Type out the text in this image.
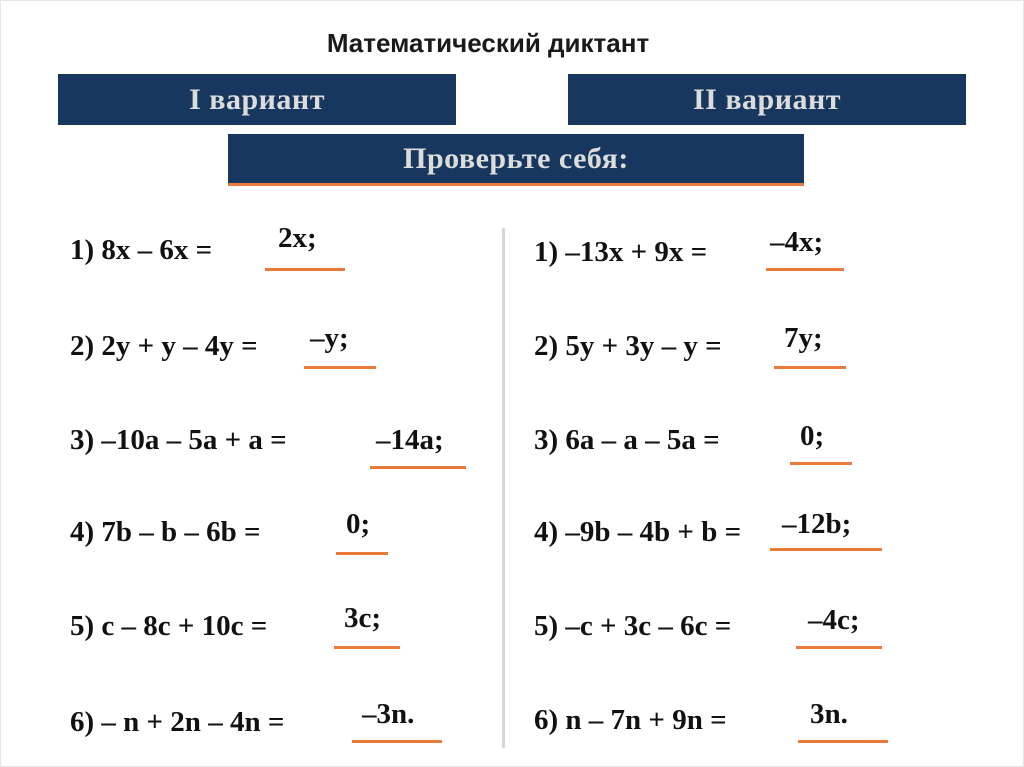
Математический диктант
I вариант	II вариант
Проверьте себя:
1) 8x – 6x = 2x;
2) 2y + y – 4y = –y;
3) –10a – 5a + a =	–14a;
4) 7b – b – 6b =	0;
5) c – 8c + 10c =	3c;
6) – n + 2n – 4n =	–3n.
1) –13x + 9x = –4x;
2) 5y + 3y – y = 7y;
3) 6a – a – 5a =	0;
4) –9b – 4b + b = –12b;
5) –c + 3c – 6c =	–4c;
6) n – 7n + 9n =	3n.
